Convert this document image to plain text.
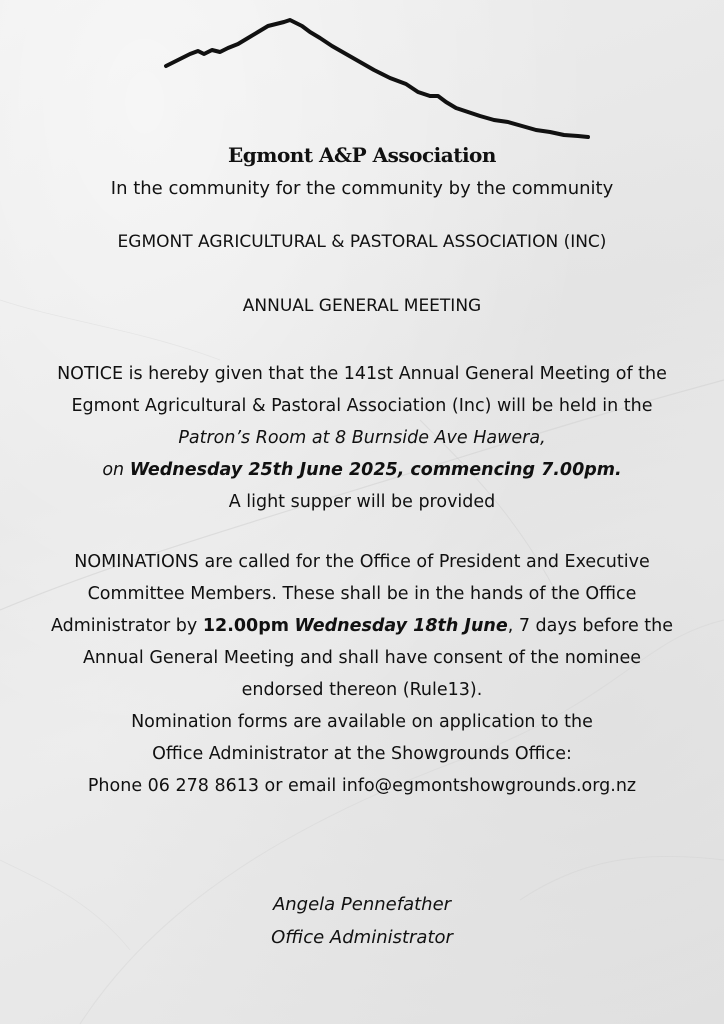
Egmont A&P Association
In the community for the community by the community
EGMONT AGRICULTURAL & PASTORAL ASSOCIATION (INC)
ANNUAL GENERAL MEETING
NOTICE is hereby given that the 141st Annual General Meeting of the
Egmont Agricultural & Pastoral Association (Inc) will be held in the
Patron’s Room at 8 Burnside Ave Hawera,
on Wednesday 25th June 2025, commencing 7.00pm.
A light supper will be provided
NOMINATIONS are called for the Office of President and Executive
Committee Members. These shall be in the hands of the Office
Administrator by 12.00pm Wednesday 18th June, 7 days before the
Annual General Meeting and shall have consent of the nominee
endorsed thereon (Rule13).
Nomination forms are available on application to the
Office Administrator at the Showgrounds Office:
Phone 06 278 8613 or email info@egmontshowgrounds.org.nz
Angela Pennefather
Office Administrator
